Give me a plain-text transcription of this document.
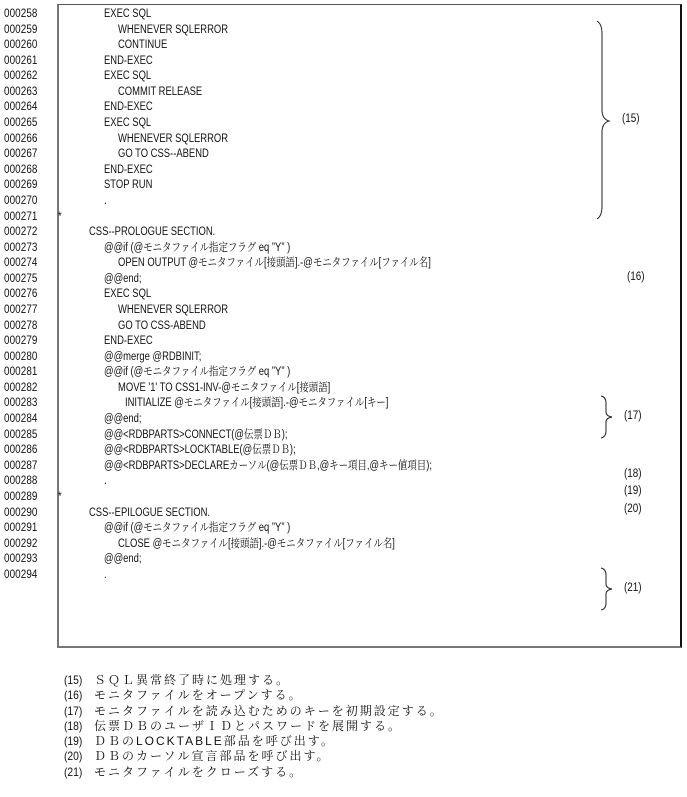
000258	EXEC SQL
000259	WHENEVER SQLERROR
000260	CONTINUE
000261	END-EXEC
000262	EXEC SQL
000263	COMMIT RELEASE
000264	END-EXEC
000265	EXEC SQL
000266	WHENEVER SQLERROR
000267	GO TO CSS--ABEND
000268	END-EXEC
000269	STOP RUN
000270	.
000271	*
000272	CSS--PROLOGUE SECTION.
000273	@@if (@モニタファイル指定フラグ eq ”Y” )
000274	OPEN OUTPUT @モニタファイル[接頭語].-@モニタファイル[ファイル名]
000275	@@end;
000276	EXEC SQL
000277	WHENEVER SQLERROR
000278	GO TO CSS-ABEND
000279	END-EXEC
000280	@@merge @RDBINIT;
000281	@@if (@モニタファイル指定フラグ eq ”Y” )
000282	MOVE '1' TO CSS1-INV-@モニタファイル[接頭語]
000283	INITIALIZE @モニタファイル[接頭語].-@モニタファイル[キー]
000284	@@end;
000285	@@<RDBPARTS>CONNECT(@伝票ＤＢ);
000286	@@<RDBPARTS>LOCKTABLE(@伝票ＤＢ);
000287	@@<RDBPARTS>DECLAREカーソル(@伝票ＤＢ,@キー項目,@キー値項目);
000288	.
000289	*
000290	CSS--EPILOGUE SECTION.
000291	@@if (@モニタファイル指定フラグ eq ”Y” )
000292	CLOSE @モニタファイル[接頭語].-@モニタファイル[ファイル名]
000293	@@end;
000294	.
(15)
(16)
(17)
(18)
(19)
(20)
(21)
(15) ＳＱＬ異常終了時に処理する。
(16) モニタファイルをオープンする。
(17) モニタファイルを読み込むためのキーを初期設定する。
(18) 伝票ＤＢのユーザＩＤとパスワードを展開する。
(19) ＤＢのLOCKTABLE部品を呼び出す。
(20) ＤＢのカーソル宣言部品を呼び出す。
(21) モニタファイルをクローズする。
